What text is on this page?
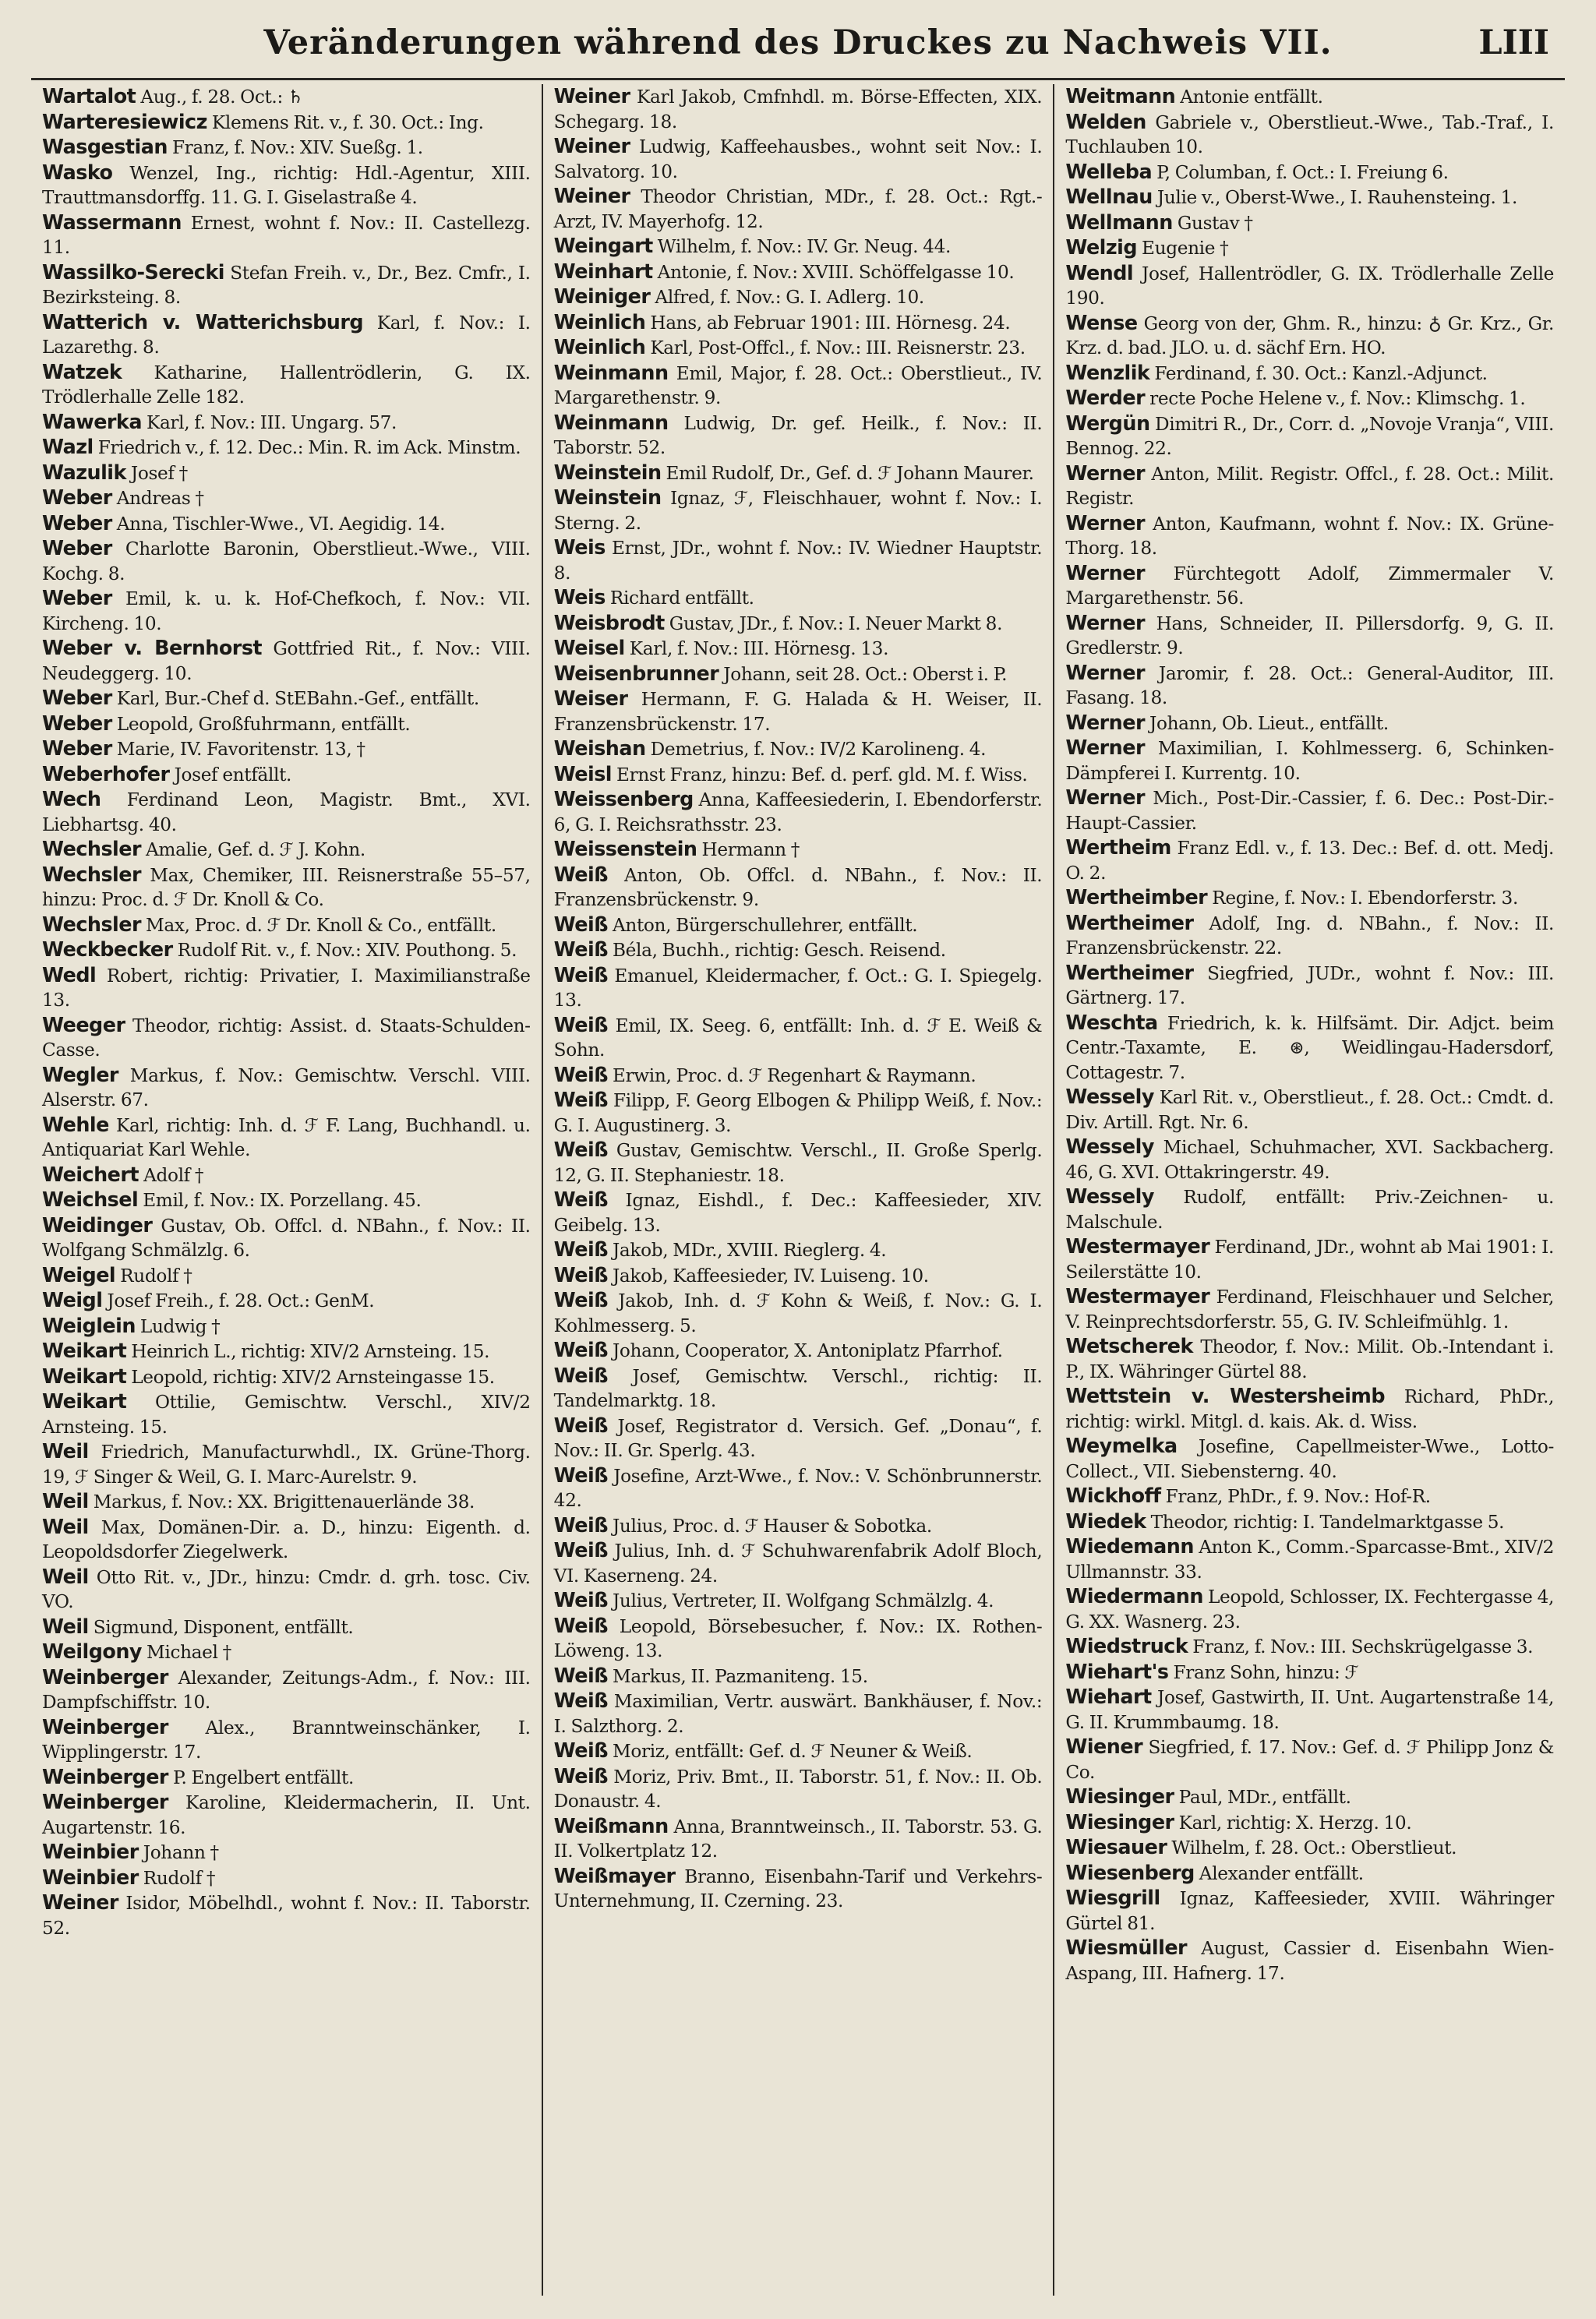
Veränderungen während des Druckes zu Nachweis VII.	LIII
Wartalot Aug., f. 28. Oct.: ♄
Warteresiewicz Klemens Rit. v., f. 30. Oct.: Ing.
Wasgestian Franz, f. Nov.: XIV. Sueßg. 1.
Wasko Wenzel, Ing., richtig: Hdl.-Agentur, XIII. Trauttmansdorffg. 11. G. I. Giselastraße 4.
Wassermann Ernest, wohnt f. Nov.: II. Castellezg. 11.
Wassilko-Serecki Stefan Freih. v., Dr., Bez. Cmfr., I. Bezirksteing. 8.
Watterich v. Watterichsburg Karl, f. Nov.: I. Lazarethg. 8.
Watzek Katharine, Hallentrödlerin, G. IX. Trödlerhalle Zelle 182.
Wawerka Karl, f. Nov.: III. Ungarg. 57.
Wazl Friedrich v., f. 12. Dec.: Min. R. im Ack. Minstm.
Wazulik Josef †
Weber Andreas †
Weber Anna, Tischler-Wwe., VI. Aegidig. 14.
Weber Charlotte Baronin, Oberstlieut.-Wwe., VIII. Kochg. 8.
Weber Emil, k. u. k. Hof-Chefkoch, f. Nov.: VII. Kircheng. 10.
Weber v. Bernhorst Gottfried Rit., f. Nov.: VIII. Neudeggerg. 10.
Weber Karl, Bur.-Chef d. StEBahn.-Gef., entfällt.
Weber Leopold, Großfuhrmann, entfällt.
Weber Marie, IV. Favoritenstr. 13, †
Weberhofer Josef entfällt.
Wech Ferdinand Leon, Magistr. Bmt., XVI. Liebhartsg. 40.
Wechsler Amalie, Gef. d. ℱ J. Kohn.
Wechsler Max, Chemiker, III. Reisnerstraße 55–57, hinzu: Proc. d. ℱ Dr. Knoll & Co.
Wechsler Max, Proc. d. ℱ Dr. Knoll & Co., entfällt.
Weckbecker Rudolf Rit. v., f. Nov.: XIV. Pouthong. 5.
Wedl Robert, richtig: Privatier, I. Maximilianstraße 13.
Weeger Theodor, richtig: Assist. d. Staats-Schulden-Casse.
Wegler Markus, f. Nov.: Gemischtw. Verschl. VIII. Alserstr. 67.
Wehle Karl, richtig: Inh. d. ℱ F. Lang, Buchhandl. u. Antiquariat Karl Wehle.
Weichert Adolf †
Weichsel Emil, f. Nov.: IX. Porzellang. 45.
Weidinger Gustav, Ob. Offcl. d. NBahn., f. Nov.: II. Wolfgang Schmälzlg. 6.
Weigel Rudolf †
Weigl Josef Freih., f. 28. Oct.: GenM.
Weiglein Ludwig †
Weikart Heinrich L., richtig: XIV/2 Arnsteing. 15.
Weikart Leopold, richtig: XIV/2 Arnsteingasse 15.
Weikart Ottilie, Gemischtw. Verschl., XIV/2 Arnsteing. 15.
Weil Friedrich, Manufacturwhdl., IX. Grüne-Thorg. 19, ℱ Singer & Weil, G. I. Marc-Aurelstr. 9.
Weil Markus, f. Nov.: XX. Brigittenauerlände 38.
Weil Max, Domänen-Dir. a. D., hinzu: Eigenth. d. Leopoldsdorfer Ziegelwerk.
Weil Otto Rit. v., JDr., hinzu: Cmdr. d. grh. tosc. Civ. VO.
Weil Sigmund, Disponent, entfällt.
Weilgony Michael †
Weinberger Alexander, Zeitungs-Adm., f. Nov.: III. Dampfschiffstr. 10.
Weinberger Alex., Branntweinschänker, I. Wipplingerstr. 17.
Weinberger P. Engelbert entfällt.
Weinberger Karoline, Kleidermacherin, II. Unt. Augartenstr. 16.
Weinbier Johann †
Weinbier Rudolf †
Weiner Isidor, Möbelhdl., wohnt f. Nov.: II. Taborstr. 52.
Weiner Karl Jakob, Cmfnhdl. m. Börse-Effecten, XIX. Schegarg. 18.
Weiner Ludwig, Kaffeehausbes., wohnt seit Nov.: I. Salvatorg. 10.
Weiner Theodor Christian, MDr., f. 28. Oct.: Rgt.-Arzt, IV. Mayerhofg. 12.
Weingart Wilhelm, f. Nov.: IV. Gr. Neug. 44.
Weinhart Antonie, f. Nov.: XVIII. Schöffelgasse 10.
Weiniger Alfred, f. Nov.: G. I. Adlerg. 10.
Weinlich Hans, ab Februar 1901: III. Hörnesg. 24.
Weinlich Karl, Post-Offcl., f. Nov.: III. Reisnerstr. 23.
Weinmann Emil, Major, f. 28. Oct.: Oberstlieut., IV. Margarethenstr. 9.
Weinmann Ludwig, Dr. gef. Heilk., f. Nov.: II. Taborstr. 52.
Weinstein Emil Rudolf, Dr., Gef. d. ℱ Johann Maurer.
Weinstein Ignaz, ℱ, Fleischhauer, wohnt f. Nov.: I. Sterng. 2.
Weis Ernst, JDr., wohnt f. Nov.: IV. Wiedner Hauptstr. 8.
Weis Richard entfällt.
Weisbrodt Gustav, JDr., f. Nov.: I. Neuer Markt 8.
Weisel Karl, f. Nov.: III. Hörnesg. 13.
Weisenbrunner Johann, seit 28. Oct.: Oberst i. P.
Weiser Hermann, F. G. Halada & H. Weiser, II. Franzensbrückenstr. 17.
Weishan Demetrius, f. Nov.: IV/2 Karolineng. 4.
Weisl Ernst Franz, hinzu: Bef. d. perf. gld. M. f. Wiss.
Weissenberg Anna, Kaffeesiederin, I. Ebendorferstr. 6, G. I. Reichsrathsstr. 23.
Weissenstein Hermann †
Weiß Anton, Ob. Offcl. d. NBahn., f. Nov.: II. Franzensbrückenstr. 9.
Weiß Anton, Bürgerschullehrer, entfällt.
Weiß Béla, Buchh., richtig: Gesch. Reisend.
Weiß Emanuel, Kleidermacher, f. Oct.: G. I. Spiegelg. 13.
Weiß Emil, IX. Seeg. 6, entfällt: Inh. d. ℱ E. Weiß & Sohn.
Weiß Erwin, Proc. d. ℱ Regenhart & Raymann.
Weiß Filipp, F. Georg Elbogen & Philipp Weiß, f. Nov.: G. I. Augustinerg. 3.
Weiß Gustav, Gemischtw. Verschl., II. Große Sperlg. 12, G. II. Stephaniestr. 18.
Weiß Ignaz, Eishdl., f. Dec.: Kaffeesieder, XIV. Geibelg. 13.
Weiß Jakob, MDr., XVIII. Rieglerg. 4.
Weiß Jakob, Kaffeesieder, IV. Luiseng. 10.
Weiß Jakob, Inh. d. ℱ Kohn & Weiß, f. Nov.: G. I. Kohlmesserg. 5.
Weiß Johann, Cooperator, X. Antoniplatz Pfarrhof.
Weiß Josef, Gemischtw. Verschl., richtig: II. Tandelmarktg. 18.
Weiß Josef, Registrator d. Versich. Gef. „Donau“, f. Nov.: II. Gr. Sperlg. 43.
Weiß Josefine, Arzt-Wwe., f. Nov.: V. Schönbrunnerstr. 42.
Weiß Julius, Proc. d. ℱ Hauser & Sobotka.
Weiß Julius, Inh. d. ℱ Schuhwarenfabrik Adolf Bloch, VI. Kaserneng. 24.
Weiß Julius, Vertreter, II. Wolfgang Schmälzlg. 4.
Weiß Leopold, Börsebesucher, f. Nov.: IX. Rothen-Löweng. 13.
Weiß Markus, II. Pazmaniteng. 15.
Weiß Maximilian, Vertr. auswärt. Bankhäuser, f. Nov.: I. Salzthorg. 2.
Weiß Moriz, entfällt: Gef. d. ℱ Neuner & Weiß.
Weiß Moriz, Priv. Bmt., II. Taborstr. 51, f. Nov.: II. Ob. Donaustr. 4.
Weißmann Anna, Branntweinsch., II. Taborstr. 53. G. II. Volkertplatz 12.
Weißmayer Branno, Eisenbahn-Tarif und Verkehrs-Unternehmung, II. Czerning. 23.
Weitmann Antonie entfällt.
Welden Gabriele v., Oberstlieut.-Wwe., Tab.-Traf., I. Tuchlauben 10.
Welleba P, Columban, f. Oct.: I. Freiung 6.
Wellnau Julie v., Oberst-Wwe., I. Rauhensteing. 1.
Wellmann Gustav †
Welzig Eugenie †
Wendl Josef, Hallentrödler, G. IX. Trödlerhalle Zelle 190.
Wense Georg von der, Ghm. R., hinzu: ♁ Gr. Krz., Gr. Krz. d. bad. JLO. u. d. sächf Ern. HO.
Wenzlik Ferdinand, f. 30. Oct.: Kanzl.-Adjunct.
Werder recte Poche Helene v., f. Nov.: Klimschg. 1.
Wergün Dimitri R., Dr., Corr. d. „Novoje Vranja“, VIII. Bennog. 22.
Werner Anton, Milit. Registr. Offcl., f. 28. Oct.: Milit. Registr.
Werner Anton, Kaufmann, wohnt f. Nov.: IX. Grüne-Thorg. 18.
Werner Fürchtegott Adolf, Zimmermaler V. Margarethenstr. 56.
Werner Hans, Schneider, II. Pillersdorfg. 9, G. II. Gredlerstr. 9.
Werner Jaromir, f. 28. Oct.: General-Auditor, III. Fasang. 18.
Werner Johann, Ob. Lieut., entfällt.
Werner Maximilian, I. Kohlmesserg. 6, Schinken-Dämpferei I. Kurrentg. 10.
Werner Mich., Post-Dir.-Cassier, f. 6. Dec.: Post-Dir.-Haupt-Cassier.
Wertheim Franz Edl. v., f. 13. Dec.: Bef. d. ott. Medj. O. 2.
Wertheimber Regine, f. Nov.: I. Ebendorferstr. 3.
Wertheimer Adolf, Ing. d. NBahn., f. Nov.: II. Franzensbrückenstr. 22.
Wertheimer Siegfried, JUDr., wohnt f. Nov.: III. Gärtnerg. 17.
Weschta Friedrich, k. k. Hilfsämt. Dir. Adjct. beim Centr.-Taxamte, E. ⊛, Weidlingau-Hadersdorf, Cottagestr. 7.
Wessely Karl Rit. v., Oberstlieut., f. 28. Oct.: Cmdt. d. Div. Artill. Rgt. Nr. 6.
Wessely Michael, Schuhmacher, XVI. Sackbacherg. 46, G. XVI. Ottakringerstr. 49.
Wessely Rudolf, entfällt: Priv.-Zeichnen- u. Malschule.
Westermayer Ferdinand, JDr., wohnt ab Mai 1901: I. Seilerstätte 10.
Westermayer Ferdinand, Fleischhauer und Selcher, V. Reinprechtsdorferstr. 55, G. IV. Schleifmühlg. 1.
Wetscherek Theodor, f. Nov.: Milit. Ob.-Intendant i. P., IX. Währinger Gürtel 88.
Wettstein v. Westersheimb Richard, PhDr., richtig: wirkl. Mitgl. d. kais. Ak. d. Wiss.
Weymelka Josefine, Capellmeister-Wwe., Lotto-Collect., VII. Siebensterng. 40.
Wickhoff Franz, PhDr., f. 9. Nov.: Hof-R.
Wiedek Theodor, richtig: I. Tandelmarktgasse 5.
Wiedemann Anton K., Comm.-Sparcasse-Bmt., XIV/2 Ullmannstr. 33.
Wiedermann Leopold, Schlosser, IX. Fechtergasse 4, G. XX. Wasnerg. 23.
Wiedstruck Franz, f. Nov.: III. Sechskrügelgasse 3.
Wiehart's Franz Sohn, hinzu: ℱ
Wiehart Josef, Gastwirth, II. Unt. Augartenstraße 14, G. II. Krummbaumg. 18.
Wiener Siegfried, f. 17. Nov.: Gef. d. ℱ Philipp Jonz & Co.
Wiesinger Paul, MDr., entfällt.
Wiesinger Karl, richtig: X. Herzg. 10.
Wiesauer Wilhelm, f. 28. Oct.: Oberstlieut.
Wiesenberg Alexander entfällt.
Wiesgrill Ignaz, Kaffeesieder, XVIII. Währinger Gürtel 81.
Wiesmüller August, Cassier d. Eisenbahn Wien-Aspang, III. Hafnerg. 17.
